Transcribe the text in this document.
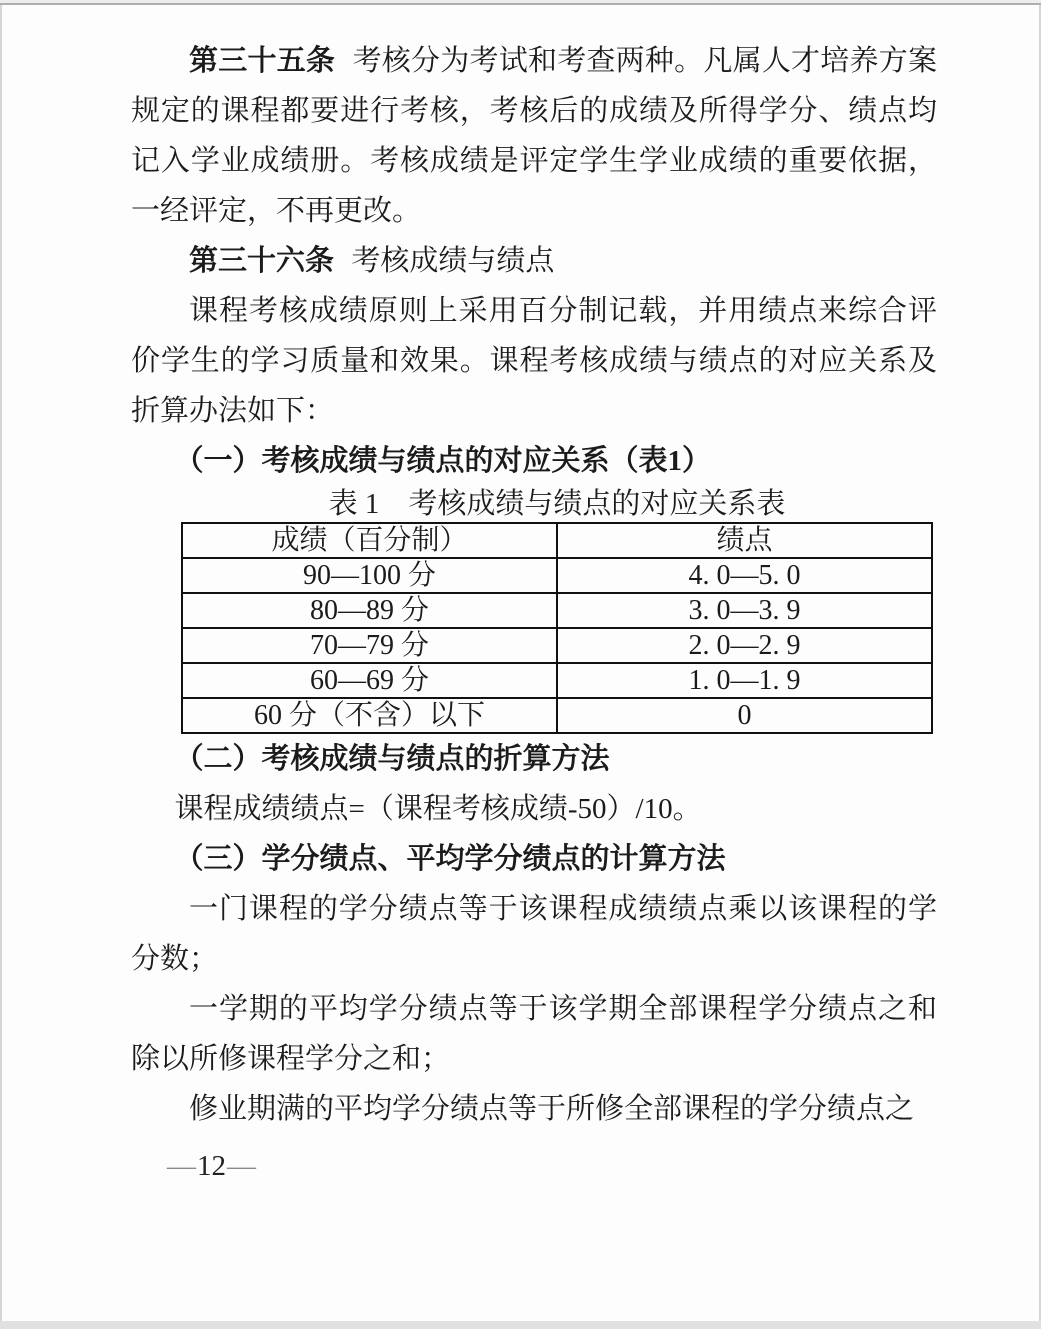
第三十五条 考核分为考试和考查两种。凡属人才培养方案规定的课程都要进行考核，考核后的成绩及所得学分、绩点均记入学业成绩册。考核成绩是评定学生学业成绩的重要依据，一经评定，不再更改。

第三十六条 考核成绩与绩点

课程考核成绩原则上采用百分制记载，并用绩点来综合评价学生的学习质量和效果。课程考核成绩与绩点的对应关系及折算办法如下：

（一）考核成绩与绩点的对应关系（表1）

表 1　考核成绩与绩点的对应关系表
成绩（百分制）	绩点
90—100 分	4. 0—5. 0
80—89 分	3. 0—3. 9
70—79 分	2. 0—2. 9
60—69 分	1. 0—1. 9
60 分（不含）以下	0

（二）考核成绩与绩点的折算方法

课程成绩绩点=（课程考核成绩-50）/10。

（三）学分绩点、平均学分绩点的计算方法

一门课程的学分绩点等于该课程成绩绩点乘以该课程的学分数；

一学期的平均学分绩点等于该学期全部课程学分绩点之和除以所修课程学分之和；

修业期满的平均学分绩点等于所修全部课程的学分绩点之

—12—
